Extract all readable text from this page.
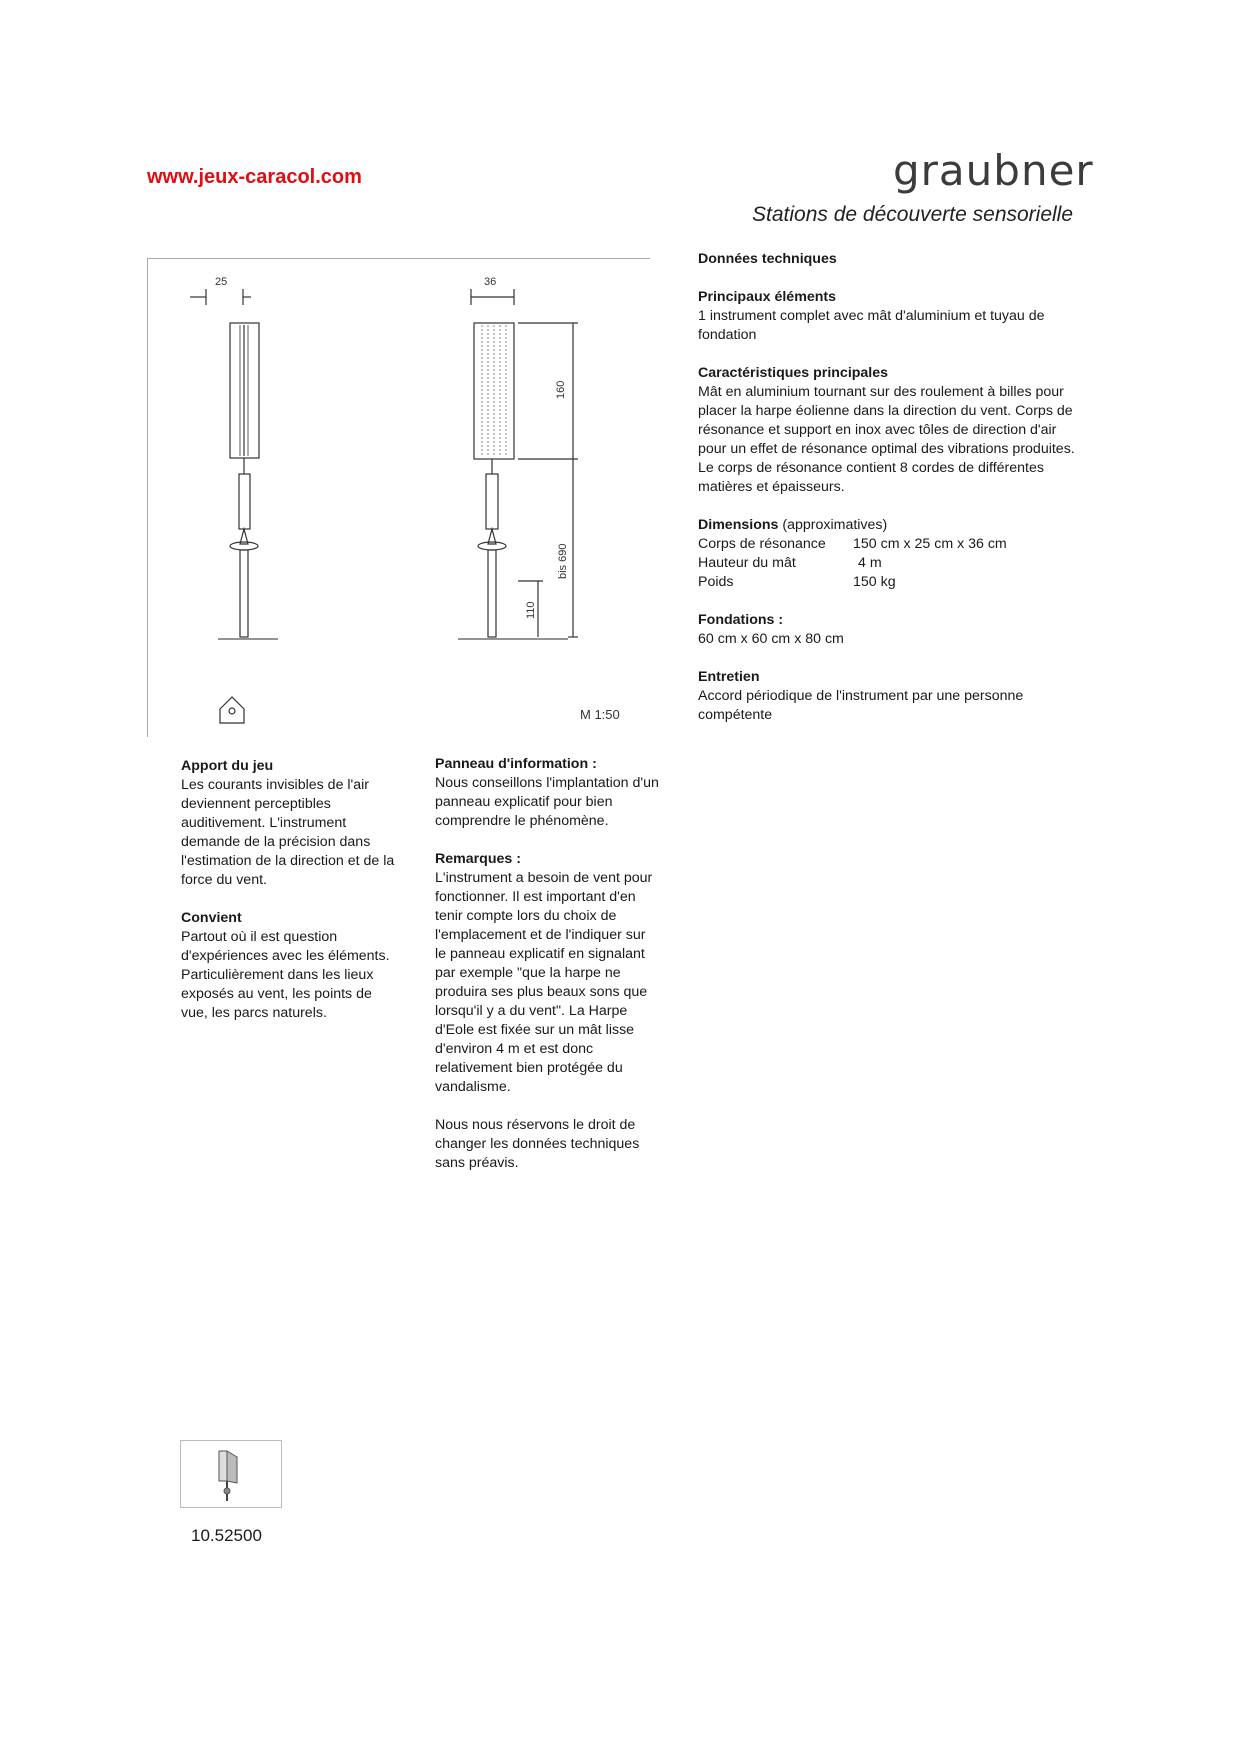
www.jeux-caracol.com	graubner
Stations de découverte sensorielle
25	36
160
bis 690
110
M 1:50

Données techniques

Principaux éléments

1 instrument complet avec mât d'aluminium et tuyau de fondation

Caractéristiques principales

Mât en aluminium tournant sur des roulement à billes pour placer la harpe éolienne dans la direction du vent. Corps de résonance et support en inox avec tôles de direction d'air pour un effet de résonance optimal des vibrations produites. Le corps de résonance contient 8 cordes de différentes matières et épaisseurs.

Dimensions (approximatives)

Corps de résonance	150 cm x 25 cm x 36 cm
Hauteur du mât	4 m
Poids	150 kg

Fondations :

60 cm x 60 cm x 80 cm

Entretien

Accord périodique de l'instrument par une personne compétente

Apport du jeu

Les courants invisibles de l'air deviennent perceptibles auditivement. L'instrument demande de la précision dans l'estimation de la direction et de la force du vent.

Convient

Partout où il est question d'expériences avec les éléments. Particulièrement dans les lieux exposés au vent, les points de vue, les parcs naturels.

Panneau d'information :

Nous conseillons l'implantation d'un panneau explicatif pour bien comprendre le phénomène.

Remarques :

L'instrument a besoin de vent pour fonctionner. Il est important d'en tenir compte lors du choix de l'emplacement et de l'indiquer sur le panneau explicatif en signalant par exemple "que la harpe ne produira ses plus beaux sons que lorsqu'il y a du vent". La Harpe d'Eole est fixée sur un mât lisse d'environ 4 m et est donc relativement bien protégée du vandalisme.

Nous nous réservons le droit de changer les données techniques sans préavis.

10.52500
